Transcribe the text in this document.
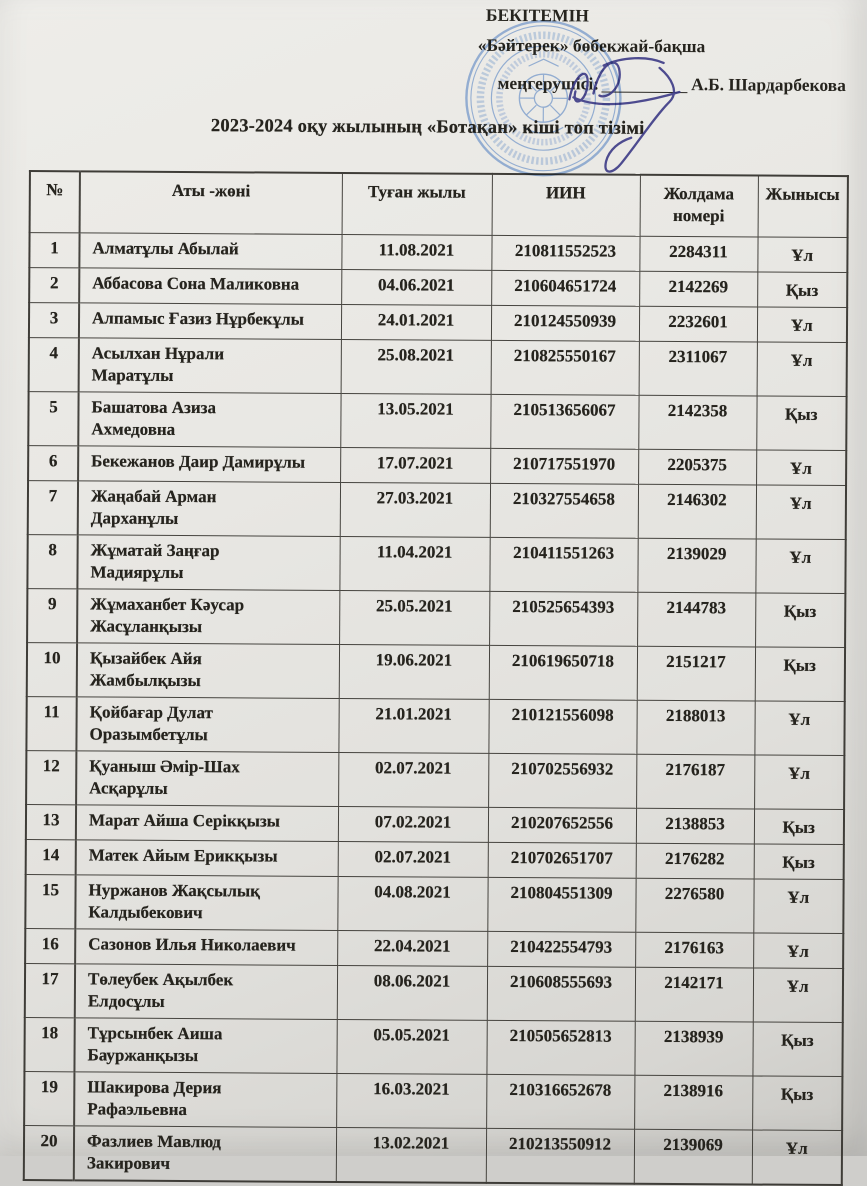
БЕКІТЕМІН
«Бәйтерек» бөбекжай-бақша
меңгерушісі:	А.Б. Шардарбекова
2023-2024 оқу жылының «Ботақан» кіші топ тізімі
№	Аты -жөні	Туған жылы	ИИН	Жолдама номері	Жынысы
1	Алматұлы Абылай	11.08.2021	210811552523	2284311	Ұл
2	Аббасова Сона Маликовна	04.06.2021	210604651724	2142269	Қыз
3	Алпамыс Ғазиз Нұрбекұлы	24.01.2021	210124550939	2232601	Ұл
4	Асылхан Нұрали
Маратұлы	25.08.2021	210825550167	2311067	Ұл
5	Башатова Азиза
Ахмедовна	13.05.2021	210513656067	2142358	Қыз
6	Бекежанов Даир Дамирұлы	17.07.2021	210717551970	2205375	Ұл
7	Жаңабай Арман
Дарханұлы	27.03.2021	210327554658	2146302	Ұл
8	Жұматай Заңғар
Мадиярұлы	11.04.2021	210411551263	2139029	Ұл
9	Жұмаханбет Кәусар
Жасұланқызы	25.05.2021	210525654393	2144783	Қыз
10	Қызайбек Айя
Жамбылқызы	19.06.2021	210619650718	2151217	Қыз
11	Қойбағар Дулат
Оразымбетұлы	21.01.2021	210121556098	2188013	Ұл
12	Қуаныш Әмір-Шах
Асқарұлы	02.07.2021	210702556932	2176187	Ұл
13	Марат Айша Серікқызы	07.02.2021	210207652556	2138853	Қыз
14	Матек Айым Ерикқызы	02.07.2021	210702651707	2176282	Қыз
15	Нуржанов Жақсылық
Калдыбекович	04.08.2021	210804551309	2276580	Ұл
16	Сазонов Илья Николаевич	22.04.2021	210422554793	2176163	Ұл
17	Төлеубек Ақылбек
Елдосұлы	08.06.2021	210608555693	2142171	Ұл
18	Тұрсынбек Аиша
Бауржанқызы	05.05.2021	210505652813	2138939	Қыз
19	Шакирова Дерия
Рафаэльевна	16.03.2021	210316652678	2138916	Қыз
20	Фазлиев Мавлюд
Закирович	13.02.2021	210213550912	2139069	Ұл
